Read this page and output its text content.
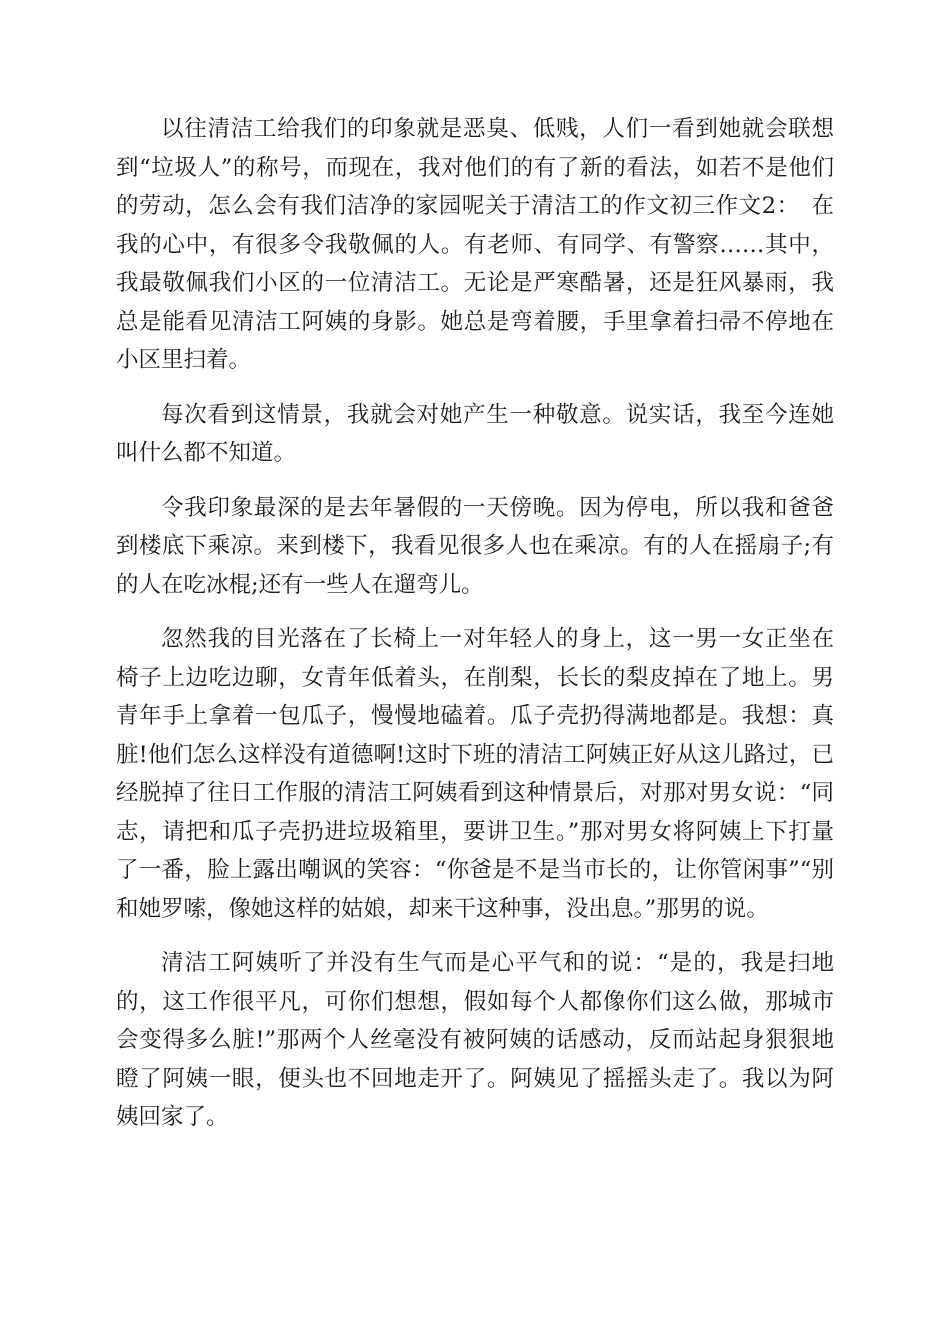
以往清洁工给我们的印象就是恶臭、低贱，人们一看到她就会联想到“垃圾人”的称号，而现在，我对他们的有了新的看法，如若不是他们的劳动，怎么会有我们洁净的家园呢关于清洁工的作文初三作文2：　在我的心中，有很多令我敬佩的人。有老师、有同学、有警察……其中，我最敬佩我们小区的一位清洁工。无论是严寒酷暑，还是狂风暴雨，我总是能看见清洁工阿姨的身影。她总是弯着腰，手里拿着扫帚不停地在小区里扫着。

每次看到这情景，我就会对她产生一种敬意。说实话，我至今连她叫什么都不知道。

令我印象最深的是去年暑假的一天傍晚。因为停电，所以我和爸爸到楼底下乘凉。来到楼下，我看见很多人也在乘凉。有的人在摇扇子;有的人在吃冰棍;还有一些人在遛弯儿。

忽然我的目光落在了长椅上一对年轻人的身上，这一男一女正坐在椅子上边吃边聊，女青年低着头，在削梨，长长的梨皮掉在了地上。男青年手上拿着一包瓜子，慢慢地磕着。瓜子壳扔得满地都是。我想：真脏!他们怎么这样没有道德啊!这时下班的清洁工阿姨正好从这儿路过，已经脱掉了往日工作服的清洁工阿姨看到这种情景后，对那对男女说：“同志，请把和瓜子壳扔进垃圾箱里，要讲卫生。”那对男女将阿姨上下打量了一番，脸上露出嘲讽的笑容：“你爸是不是当市长的，让你管闲事”“别和她罗嗦，像她这样的姑娘，却来干这种事，没出息。”那男的说。

清洁工阿姨听了并没有生气而是心平气和的说：“是的，我是扫地的，这工作很平凡，可你们想想，假如每个人都像你们这么做，那城市会变得多么脏!”那两个人丝毫没有被阿姨的话感动，反而站起身狠狠地瞪了阿姨一眼，便头也不回地走开了。阿姨见了摇摇头走了。我以为阿姨回家了。
